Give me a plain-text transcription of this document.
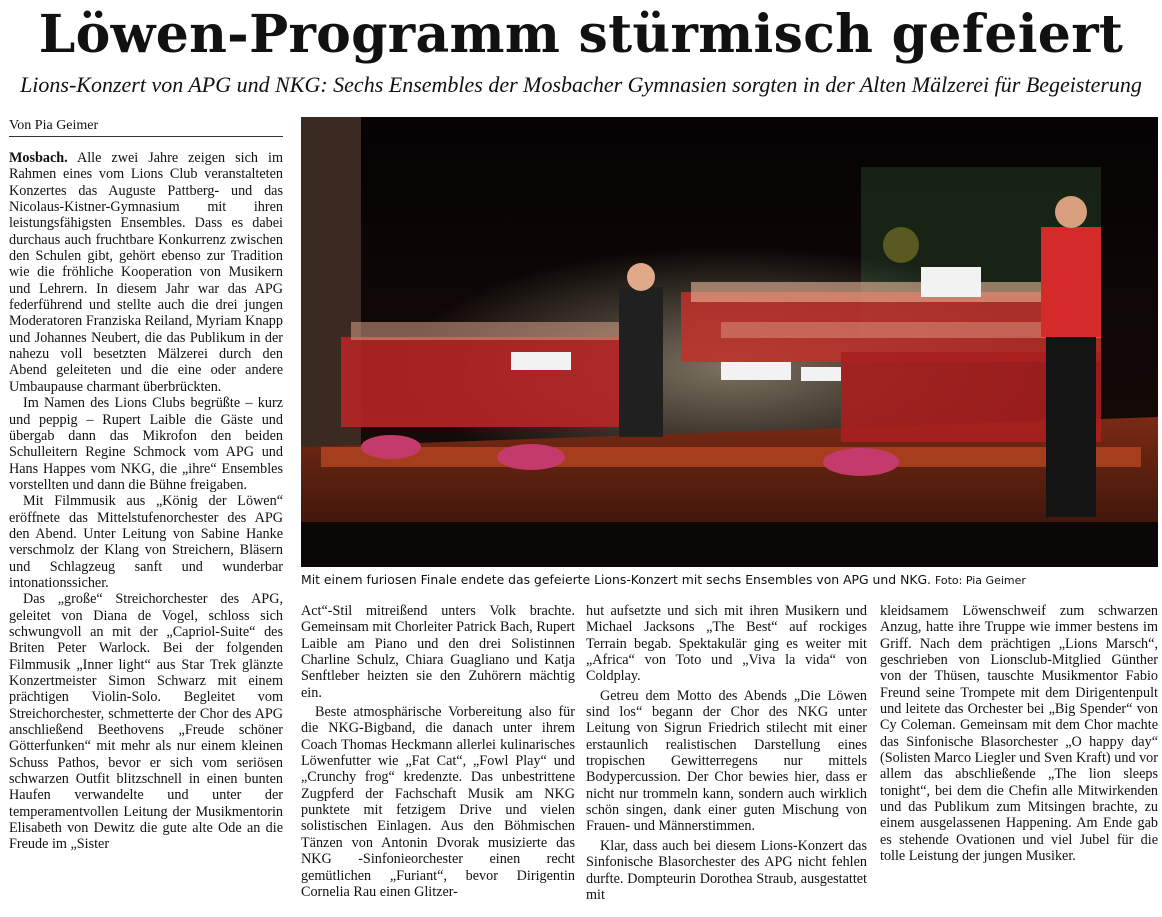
Löwen-Programm stürmisch gefeiert
Lions-Konzert von APG und NKG: Sechs Ensembles der Mosbacher Gymnasien sorgten in der Alten Mälzerei für Begeisterung
Von Pia Geimer

Mosbach. Alle zwei Jahre zeigen sich im Rahmen eines vom Lions Club veranstalteten Konzertes das Auguste Pattberg- und das Nicolaus-Kistner-Gymnasium mit ihren leistungsfähigsten Ensembles. Dass es dabei durchaus auch fruchtbare Konkurrenz zwischen den Schulen gibt, gehört ebenso zur Tradition wie die fröhliche Kooperation von Musikern und Lehrern. In diesem Jahr war das APG federführend und stellte auch die drei jungen Moderatoren Franziska Reiland, Myriam Knapp und Johannes Neubert, die das Publikum in der nahezu voll besetzten Mälzerei durch den Abend geleiteten und die eine oder andere Umbaupause charmant überbrückten.

Im Namen des Lions Clubs begrüßte – kurz und peppig – Rupert Laible die Gäste und übergab dann das Mikrofon den beiden Schulleitern Regine Schmock vom APG und Hans Happes vom NKG, die „ihre“ Ensembles vorstellten und dann die Bühne freigaben.

Mit Filmmusik aus „König der Löwen“ eröffnete das Mittelstufenorchester des APG den Abend. Unter Leitung von Sabine Hanke verschmolz der Klang von Streichern, Bläsern und Schlagzeug sanft und wunderbar intonationssicher.

Das „große“ Streichorchester des APG, geleitet von Diana de Vogel, schloss sich schwungvoll an mit der „Capriol-Suite“ des Briten Peter Warlock. Bei der folgenden Filmmusik „Inner light“ aus Star Trek glänzte Konzertmeister Simon Schwarz mit einem prächtigen Violin-Solo. Begleitet vom Streichorchester, schmetterte der Chor des APG anschließend Beethovens „Freude schöner Götterfunken“ mit mehr als nur einem kleinen Schuss Pathos, bevor er sich vom seriösen schwarzen Outfit blitzschnell in einen bunten Haufen verwandelte und unter der temperamentvollen Leitung der Musikmentorin Elisabeth von Dewitz die gute alte Ode an die Freude im „Sister

Mit einem furiosen Finale endete das gefeierte Lions-Konzert mit sechs Ensembles von APG und NKG. Foto: Pia Geimer

Act“-Stil mitreißend unters Volk brachte. Gemeinsam mit Chorleiter Patrick Bach, Rupert Laible am Piano und den drei Solistinnen Charline Schulz, Chiara Guagliano und Katja Senftleber heizten sie den Zuhörern mächtig ein.

Beste atmosphärische Vorbereitung also für die NKG-Bigband, die danach unter ihrem Coach Thomas Heckmann allerlei kulinarisches Löwenfutter wie „Fat Cat“, „Fowl Play“ und „Crunchy frog“ kredenzte. Das unbestrittene Zugpferd der Fachschaft Musik am NKG punktete mit fetzigem Drive und vielen solistischen Einlagen. Aus den Böhmischen Tänzen von Antonin Dvorak musizierte das NKG -Sinfonieorchester einen recht gemütlichen „Furiant“, bevor Dirigentin Cornelia Rau einen Glitzer-

hut aufsetzte und sich mit ihren Musikern und Michael Jacksons „The Best“ auf rockiges Terrain begab. Spektakulär ging es weiter mit „Africa“ von Toto und „Viva la vida“ von Coldplay.

Getreu dem Motto des Abends „Die Löwen sind los“ begann der Chor des NKG unter Leitung von Sigrun Friedrich stilecht mit einer erstaunlich realistischen Darstellung eines tropischen Gewitterregens nur mittels Bodypercussion. Der Chor bewies hier, dass er nicht nur trommeln kann, sondern auch wirklich schön singen, dank einer guten Mischung von Frauen- und Männerstimmen.

Klar, dass auch bei diesem Lions-Konzert das Sinfonische Blasorchester des APG nicht fehlen durfte. Dompteurin Dorothea Straub, ausgestattet mit

kleidsamem Löwenschweif zum schwarzen Anzug, hatte ihre Truppe wie immer bestens im Griff. Nach dem prächtigen „Lions Marsch“, geschrieben von Lionsclub-Mitglied Günther von der Thüsen, tauschte Musikmentor Fabio Freund seine Trompete mit dem Dirigentenpult und leitete das Orchester bei „Big Spender“ von Cy Coleman. Gemeinsam mit dem Chor machte das Sinfonische Blasorchester „O happy day“ (Solisten Marco Liegler und Sven Kraft) und vor allem das abschließende „The lion sleeps tonight“, bei dem die Chefin alle Mitwirkenden und das Publikum zum Mitsingen brachte, zu einem ausgelassenen Happening. Am Ende gab es stehende Ovationen und viel Jubel für die tolle Leistung der jungen Musiker.
